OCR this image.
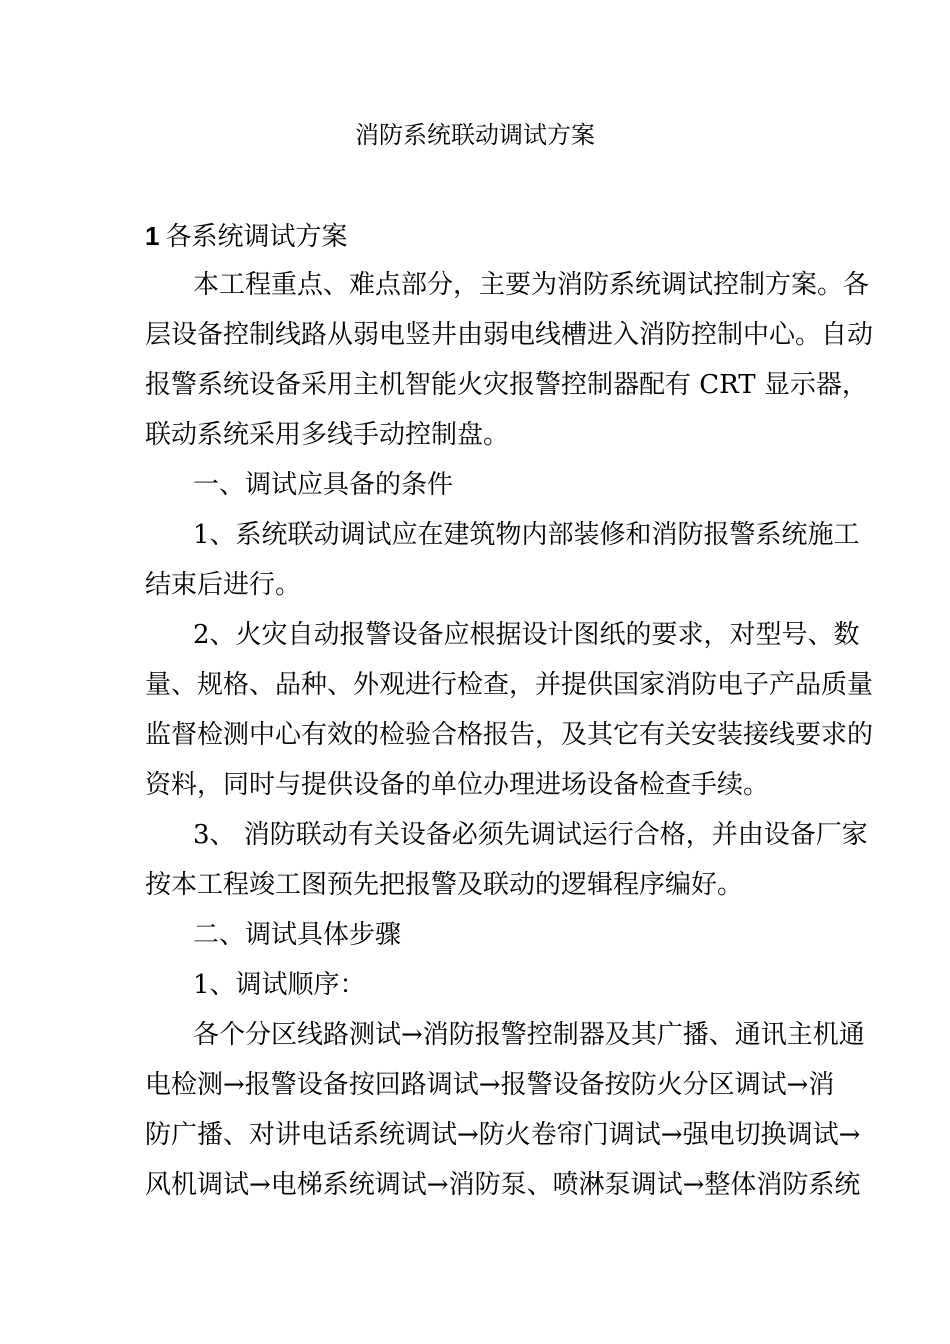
消防系统联动调试方案
1 各系统调试方案
本工程重点、难点部分，主要为消防系统调试控制方案。各
层设备控制线路从弱电竖井由弱电线槽进入消防控制中心。自动
报警系统设备采用主机智能火灾报警控制器配有 CRT 显示器，
联动系统采用多线手动控制盘。
一、调试应具备的条件
1、系统联动调试应在建筑物内部装修和消防报警系统施工
结束后进行。
2、火灾自动报警设备应根据设计图纸的要求，对型号、数
量、规格、品种、外观进行检查，并提供国家消防电子产品质量
监督检测中心有效的检验合格报告，及其它有关安装接线要求的
资料，同时与提供设备的单位办理进场设备检查手续。
3、 消防联动有关设备必须先调试运行合格，并由设备厂家
按本工程竣工图预先把报警及联动的逻辑程序编好。
二、调试具体步骤
1、调试顺序：
各个分区线路测试→消防报警控制器及其广播、通讯主机通
电检测→报警设备按回路调试→报警设备按防火分区调试→消
防广播、对讲电话系统调试→防火卷帘门调试→强电切换调试→
风机调试→电梯系统调试→消防泵、喷淋泵调试→整体消防系统
